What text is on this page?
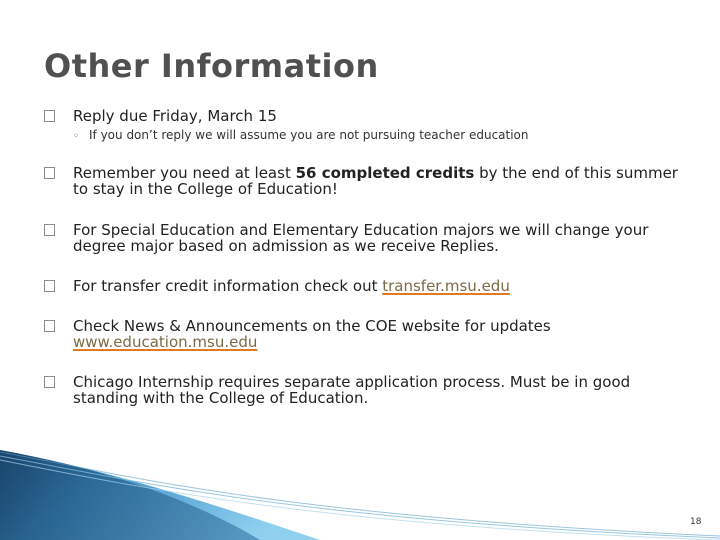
Other Information
Reply due Friday, March 15
◦ If you don’t reply we will assume you are not pursuing teacher education
Remember you need at least 56 completed credits by the end of this summer to stay in the College of Education!
For Special Education and Elementary Education majors we will change your degree major based on admission as we receive Replies.
For transfer credit information check out transfer.msu.edu
Check News & Announcements on the COE website for updates www.education.msu.edu
Chicago Internship requires separate application process. Must be in good standing with the College of Education.
18
